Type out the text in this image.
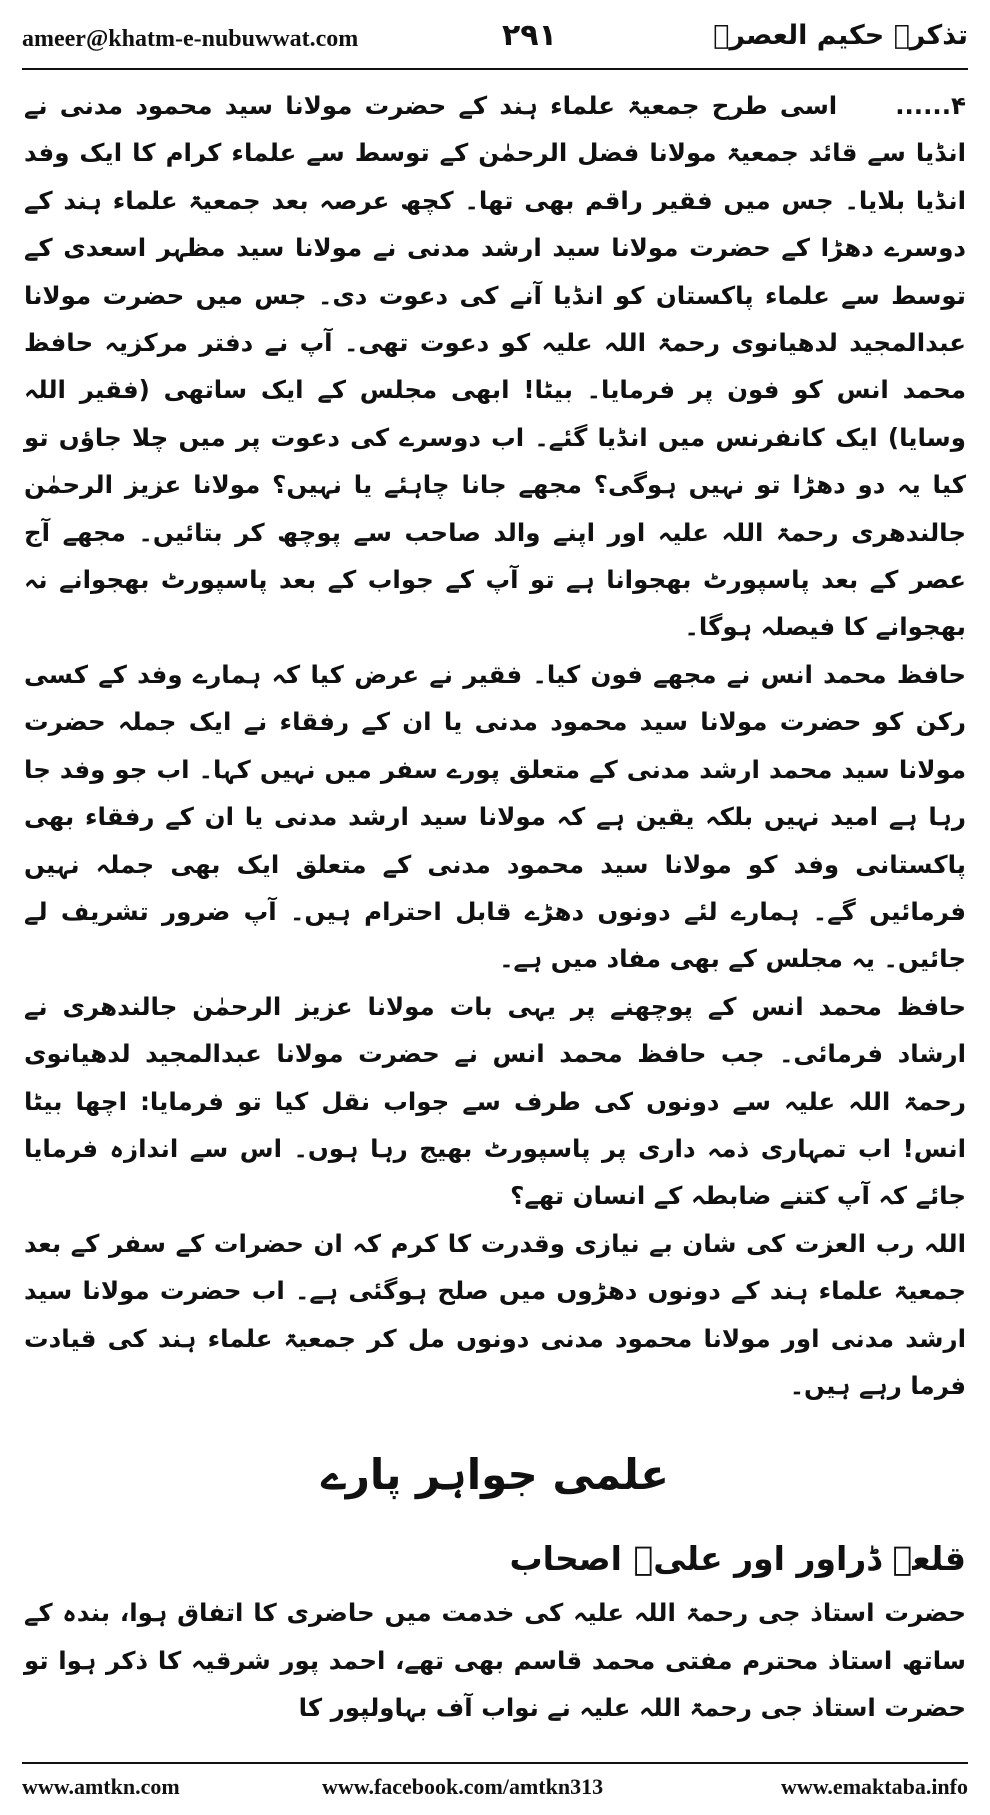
ameer@khatm-e-nubuwwat.com	۲۹۱	تذکرہ حکیم العصرؒ

۴......اسی طرح جمعیۃ علماء ہند کے حضرت مولانا سید محمود مدنی نے انڈیا سے قائد جمعیۃ مولانا فضل الرحمٰن کے توسط سے علماء کرام کا ایک وفد انڈیا بلایا۔ جس میں فقیر راقم بھی تھا۔ کچھ عرصہ بعد جمعیۃ علماء ہند کے دوسرے دھڑا کے حضرت مولانا سید ارشد مدنی نے مولانا سید مظہر اسعدی کے توسط سے علماء پاکستان کو انڈیا آنے کی دعوت دی۔ جس میں حضرت مولانا عبدالمجید لدھیانوی رحمۃ اللہ علیہ کو دعوت تھی۔ آپ نے دفتر مرکزیہ حافظ محمد انس کو فون پر فرمایا۔ بیٹا! ابھی مجلس کے ایک ساتھی (فقیر اللہ وسایا) ایک کانفرنس میں انڈیا گئے۔ اب دوسرے کی دعوت پر میں چلا جاؤں تو کیا یہ دو دھڑا تو نہیں ہوگی؟ مجھے جانا چاہئے یا نہیں؟ مولانا عزیز الرحمٰن جالندھری رحمۃ اللہ علیہ اور اپنے والد صاحب سے پوچھ کر بتائیں۔ مجھے آج عصر کے بعد پاسپورٹ بھجوانا ہے تو آپ کے جواب کے بعد پاسپورٹ بھجوانے نہ بھجوانے کا فیصلہ ہوگا۔

حافظ محمد انس نے مجھے فون کیا۔ فقیر نے عرض کیا کہ ہمارے وفد کے کسی رکن کو حضرت مولانا سید محمود مدنی یا ان کے رفقاء نے ایک جملہ حضرت مولانا سید محمد ارشد مدنی کے متعلق پورے سفر میں نہیں کہا۔ اب جو وفد جا رہا ہے امید نہیں بلکہ یقین ہے کہ مولانا سید ارشد مدنی یا ان کے رفقاء بھی پاکستانی وفد کو مولانا سید محمود مدنی کے متعلق ایک بھی جملہ نہیں فرمائیں گے۔ ہمارے لئے دونوں دھڑے قابل احترام ہیں۔ آپ ضرور تشریف لے جائیں۔ یہ مجلس کے بھی مفاد میں ہے۔

حافظ محمد انس کے پوچھنے پر یہی بات مولانا عزیز الرحمٰن جالندھری نے ارشاد فرمائی۔ جب حافظ محمد انس نے حضرت مولانا عبدالمجید لدھیانوی رحمۃ اللہ علیہ سے دونوں کی طرف سے جواب نقل کیا تو فرمایا: اچھا بیٹا انس! اب تمہاری ذمہ داری پر پاسپورٹ بھیج رہا ہوں۔ اس سے اندازہ فرمایا جائے کہ آپ کتنے ضابطہ کے انسان تھے؟

اللہ رب العزت کی شان بے نیازی وقدرت کا کرم کہ ان حضرات کے سفر کے بعد جمعیۃ علماء ہند کے دونوں دھڑوں میں صلح ہوگئی ہے۔ اب حضرت مولانا سید ارشد مدنی اور مولانا محمود مدنی دونوں مل کر جمعیۃ علماء ہند کی قیادت فرما رہے ہیں۔

علمی جواہر پارے
قلعہ ڈراور اور علیؓ اصحاب

حضرت استاذ جی رحمۃ اللہ علیہ کی خدمت میں حاضری کا اتفاق ہوا، بندہ کے ساتھ استاذ محترم مفتی محمد قاسم بھی تھے، احمد پور شرقیہ کا ذکر ہوا تو حضرت استاذ جی رحمۃ اللہ علیہ نے نواب آف بہاولپور کا

www.amtkn.com	www.facebook.com/amtkn313	www.emaktaba.info
